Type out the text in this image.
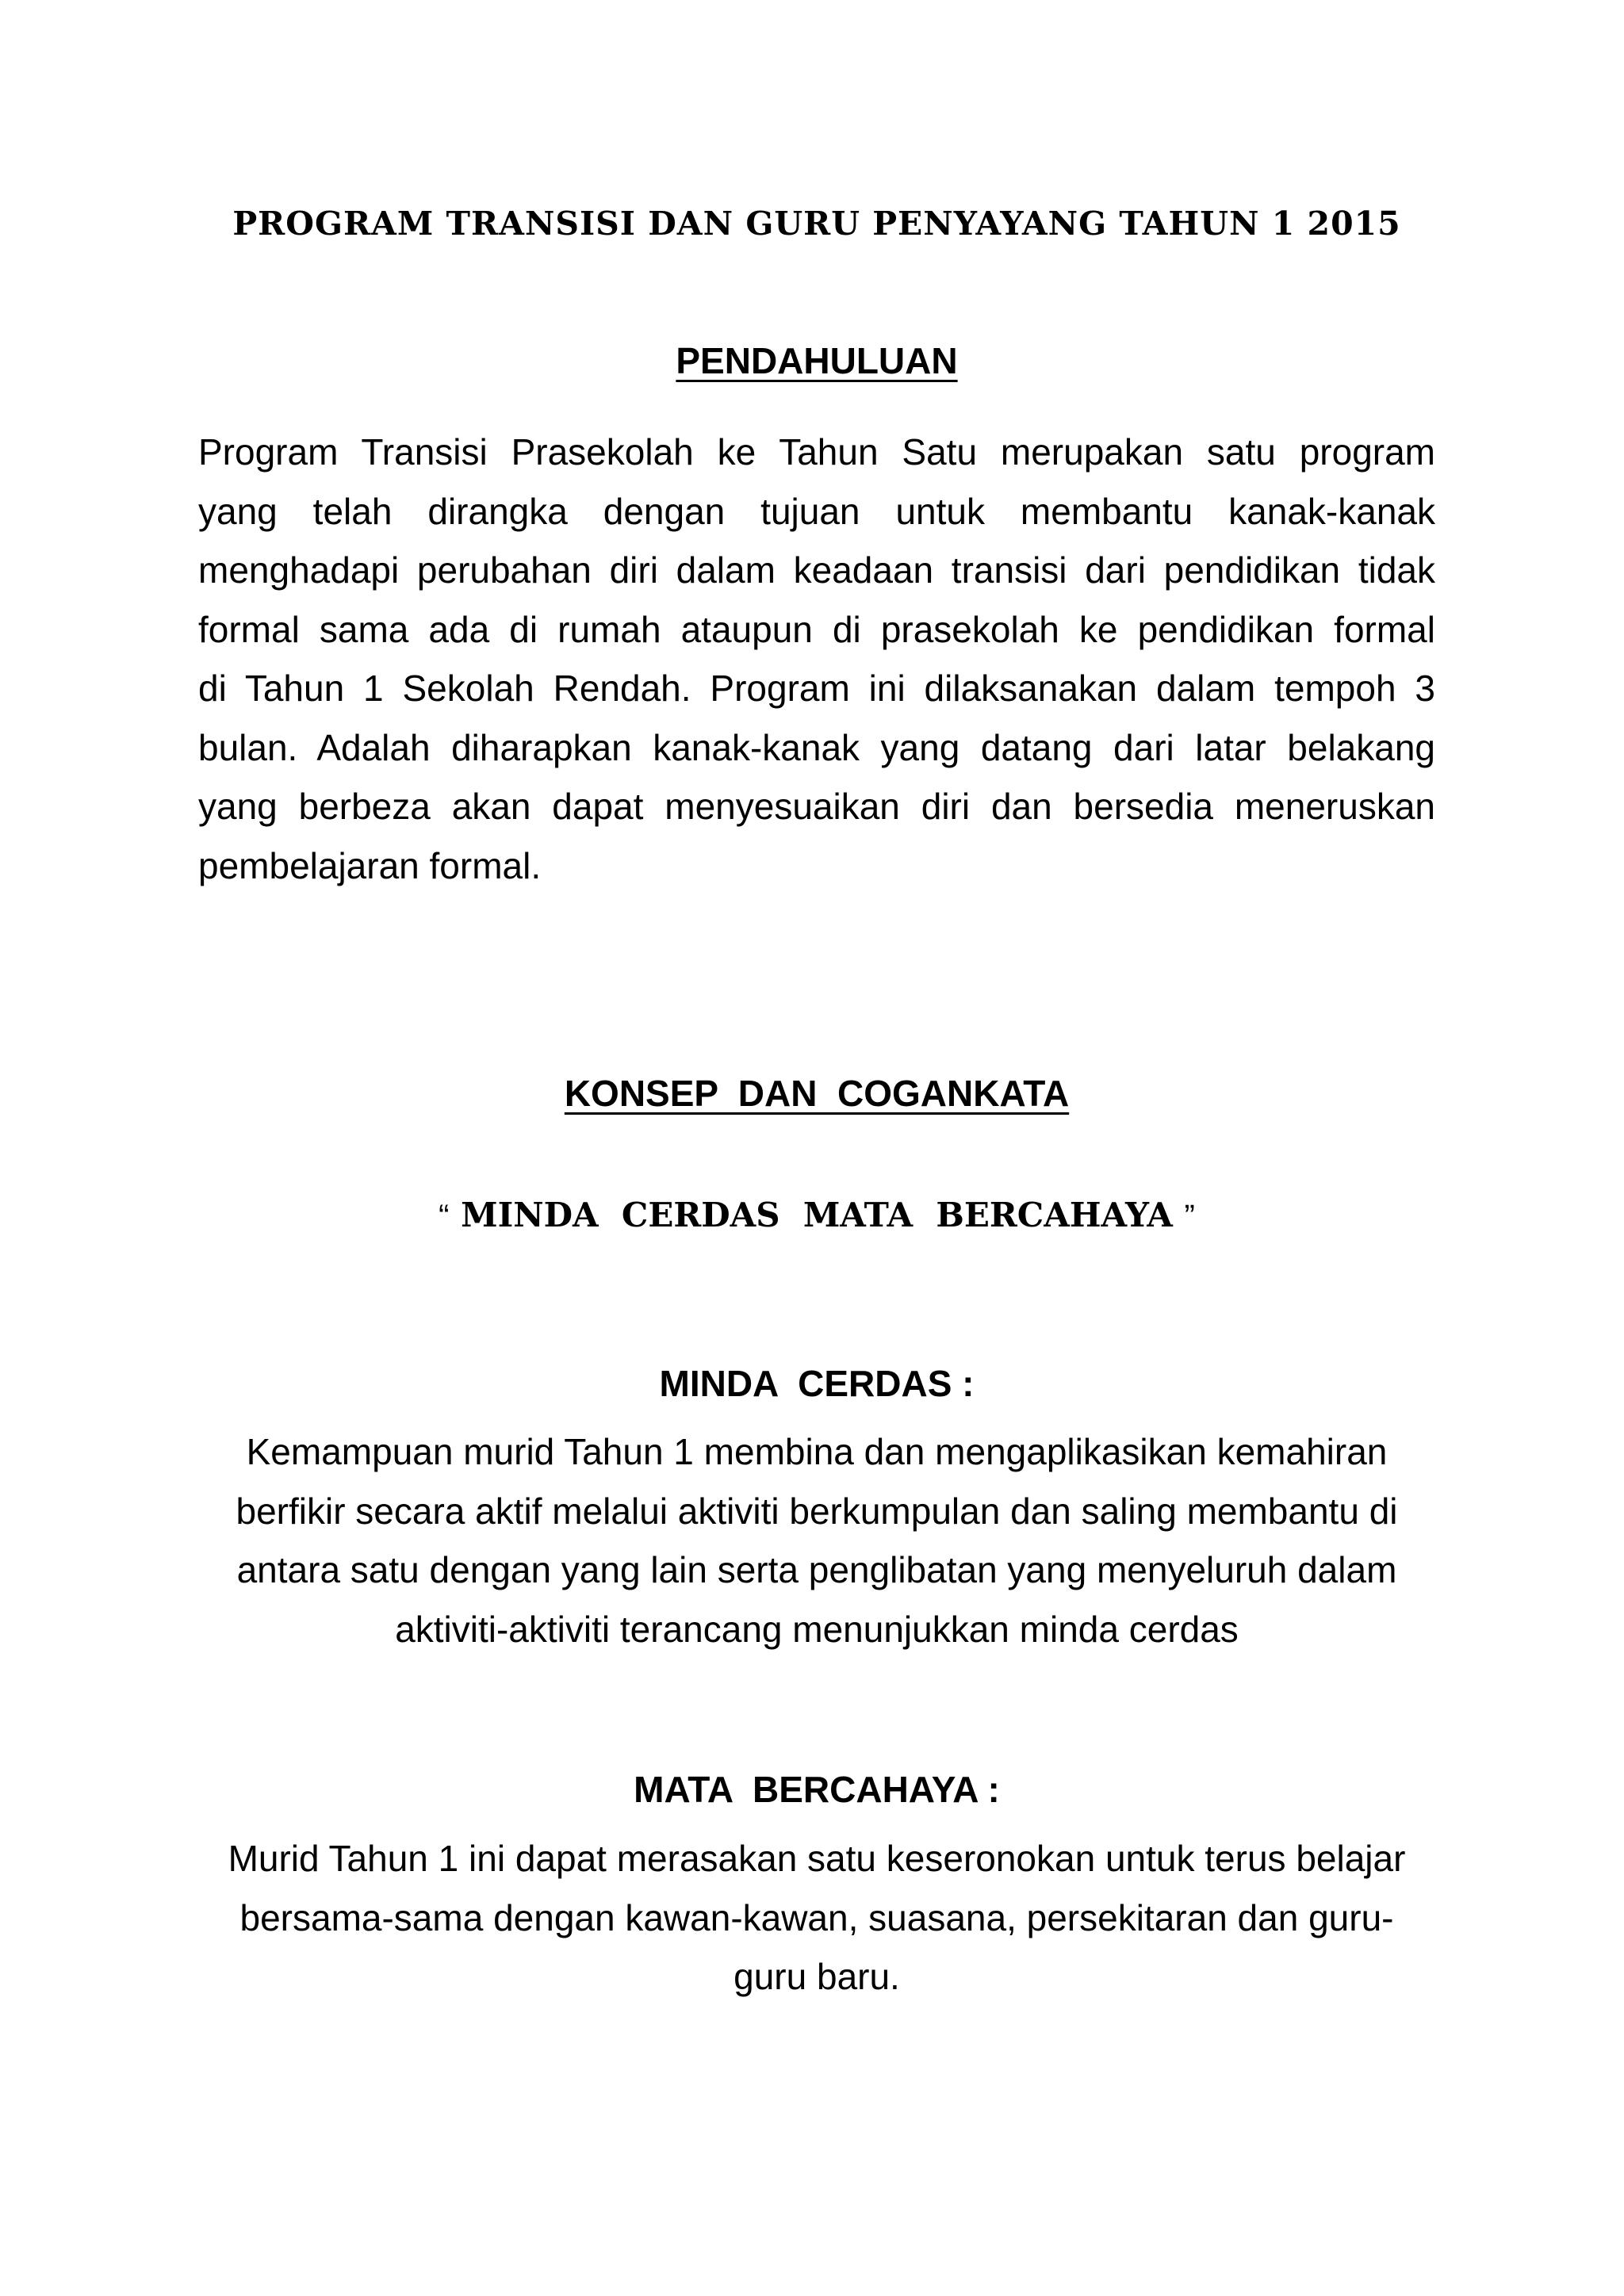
PROGRAM TRANSISI DAN GURU PENYAYANG TAHUN 1 2015
PENDAHULUAN

Program Transisi Prasekolah ke Tahun Satu merupakan satu program
yang telah dirangka dengan tujuan untuk membantu kanak-kanak
menghadapi perubahan diri dalam keadaan transisi dari pendidikan tidak
formal sama ada di rumah ataupun di prasekolah ke pendidikan formal
di Tahun 1 Sekolah Rendah. Program ini dilaksanakan dalam tempoh 3
bulan. Adalah diharapkan kanak-kanak yang datang dari latar belakang
yang berbeza akan dapat menyesuaikan diri dan bersedia meneruskan
pembelajaran formal.

KONSEP  DAN  COGANKATA
“ MINDA  CERDAS  MATA  BERCAHAYA ”
MINDA  CERDAS :

Kemampuan murid Tahun 1 membina dan mengaplikasikan kemahiran
berfikir secara aktif melalui aktiviti berkumpulan dan saling membantu di
antara satu dengan yang lain serta penglibatan yang menyeluruh dalam
aktiviti-aktiviti terancang menunjukkan minda cerdas

MATA  BERCAHAYA :

Murid Tahun 1 ini dapat merasakan satu keseronokan untuk terus belajar
bersama-sama dengan kawan-kawan, suasana, persekitaran dan guru-
guru baru.
